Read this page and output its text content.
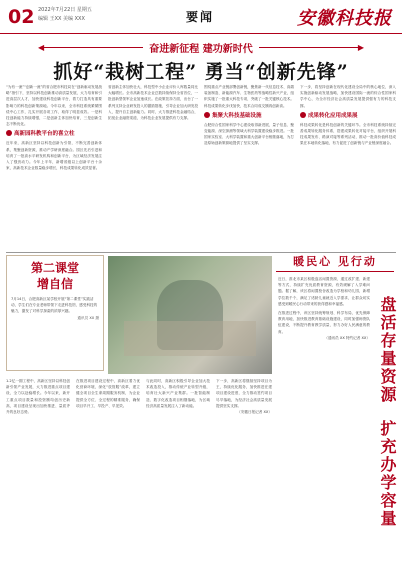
02 2022年7月22日 星期五
编辑 王XX 美编 XXX	要闻	安徽科技报
◀	奋进新征程 建功新时代	▶
抓好“栽树工程” 勇当“创新先锋”
“为有一流”“创新一流”的省合肥市科技局在“创新驱动发展战略”指引下，坚持以科技创新推动高质量发展，大力培育和引进高层次人才，加快建设科技创新平台，着力打造具有重要影响力的科技创新策源地。今年以来，全市科技系统紧紧围绕中心工作，扎实开展各项工作，取得了明显成效。一是科技创新能力持续增强，二是创新主体加快培育，三是创新生态不断优化。
高新园科教平台的喜立柱
近年来，高新区坚持以科技创新为引领，不断完善创新体系，集聚创新资源，推动产学研深度融合。园区先后引进和培育了一批高水平研发机构和创新平台，为区域经济发展注入了强劲动力。今年上半年，新增省级以上创新平台十余家，高新技术企业数量稳步增长，科技成果转化成效显著。
省创新主体加快壮大，科技型中小企业评价入库数量同比大幅增长。全市高新技术企业总数持续保持全省首位，一批创新型领军企业加速成长。在政策扶持方面，出台了一系列支持企业研发投入的激励措施，引导企业加大研发投入，提升自主创新能力。同时，大力推进科技金融结合，拓宽企业融资渠道，为科技企业发展提供有力支撑。
围绕重点产业链部署创新链，聚焦新一代信息技术、高端装备制造、新能源汽车、生物医药等战略性新兴产业，组织实施了一批重大科技专项，突破了一批关键核心技术。科技成果转化步伐加快，技术合同成交额再创新高。
集聚大科技基础设施
合肥综合性国家科学中心建设取得新进展，量子信息、聚变能源、深空探测等领域大科学装置建设稳步推进。一批国家实验室、大科学装置和重大创新平台相继落地，为打造原始创新策源地提供了坚实支撑。
下一步，将坚持创新在现代化建设全局中的核心地位，深入实施创新驱动发展战略，加快建设国际一流的综合性国家科学中心，为全市经济社会高质量发展提供强有力的科技支撑。
成果转化应用成果展
科技成果转化是科技创新的关键环节。全市科技系统持续完善成果转化服务体系，搭建成果转化对接平台，组织开展科技成果发布、路演对接等系列活动，推动一批高价值科技成果在本地转化落地，有力促进了创新链与产业链深度融合。
第二课堂
增自信
7月14日，合肥高新区某学校开展“第二课堂”实践活动，学生们在专业老师带领下走进科技馆，感受科技的魅力，激发了对科学探索的浓厚兴趣。
通讯员 XX 摄
1.2亿一期工程中，高新区坚持以科技创新引领产业发展，大力推进重点项目建设，全力以赴稳增长。今年以来，新开工重点项目数量和投资额均创历史新高，项目建设呈现出加快推进、量质齐升的良好态势。
在推进项目建设过程中，高新区着力优化营商环境，深化“放管服”改革，建立健全项目全生命周期服务机制，为企业提供全方位、全过程的精准服务，确保项目早开工、早投产、早见效。
与此同时，高新区积极引导企业加大技术改造投入，推动传统产业转型升级，培育壮大新兴产业集群。一批智能制造、数字化改造项目相继落地，为区域经济高质量发展注入了新动能。
下一步，高新区将继续坚持项目为王，持续优化服务，加快推进在建项目建设进度，全力推动签约项目尽早落地，为经济社会高质量发展提供坚实支撑。
（安徽日报记者 XX）
暖民心 见行动
近日，淮北市某区积极盘活闲置资源，通过改扩建、新建等方式，持续扩充优质教育资源，有效缓解了入学难问题。据了解，该区将闲置校舍改造为学校和幼儿园，新增学位数千个，满足了适龄儿童就近入学需求，让群众切实感受到暖民心行动带来的获得感和幸福感。
在推进过程中，该区坚持统筹规划、科学布局，优先保障教育用地，加快推进教育基础设施建设，同时加强师资队伍建设，不断提升教育教学质量，努力办好人民满意的教育。
（通讯员 XX 特约记者 XX） 盘活存量资源
扩充办学容量
